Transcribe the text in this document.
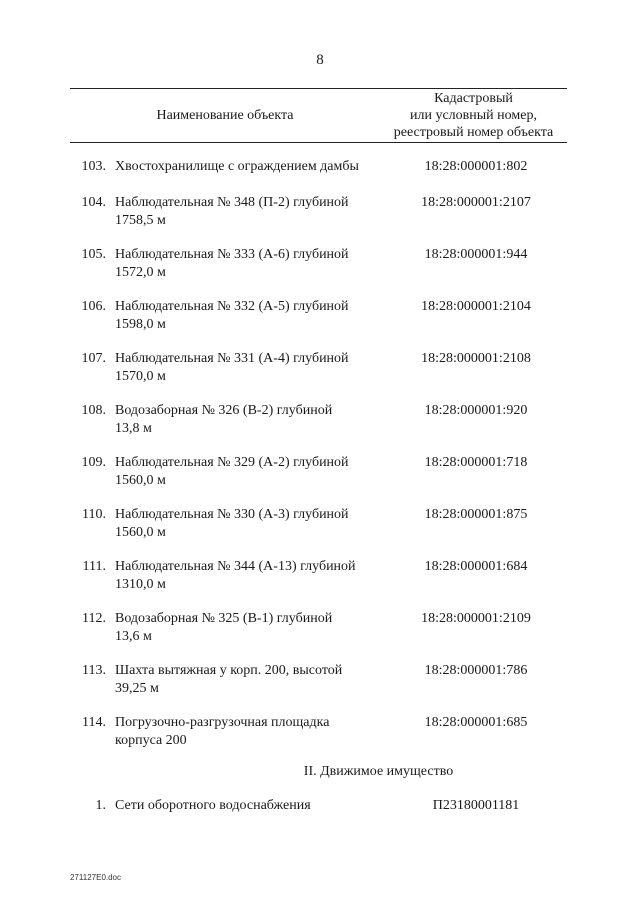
8
Наименование объекта
Кадастровый
или условный номер,
реестровый номер объекта
103. Хвостохранилище с ограждением дамбы	18:28:000001:802
104. Наблюдательная № 348 (П-2) глубиной
1758,5 м
18:28:000001:2107
105. Наблюдательная № 333 (А-6) глубиной
1572,0 м
18:28:000001:944
106. Наблюдательная № 332 (А-5) глубиной
1598,0 м
18:28:000001:2104
107. Наблюдательная № 331 (А-4) глубиной
1570,0 м
18:28:000001:2108
108. Водозаборная № 326 (В-2) глубиной
13,8 м
18:28:000001:920
109. Наблюдательная № 329 (А-2) глубиной
1560,0 м
18:28:000001:718
110. Наблюдательная № 330 (А-3) глубиной
1560,0 м
18:28:000001:875
111. Наблюдательная № 344 (А-13) глубиной
1310,0 м
18:28:000001:684
112. Водозаборная № 325 (В-1) глубиной
13,6 м
18:28:000001:2109
113. Шахта вытяжная у корп. 200, высотой
39,25 м
18:28:000001:786
114. Погрузочно-разгрузочная площадка
корпуса 200
18:28:000001:685
II. Движимое имущество
1. Сети оборотного водоснабжения	П23180001181
271127E0.doc
